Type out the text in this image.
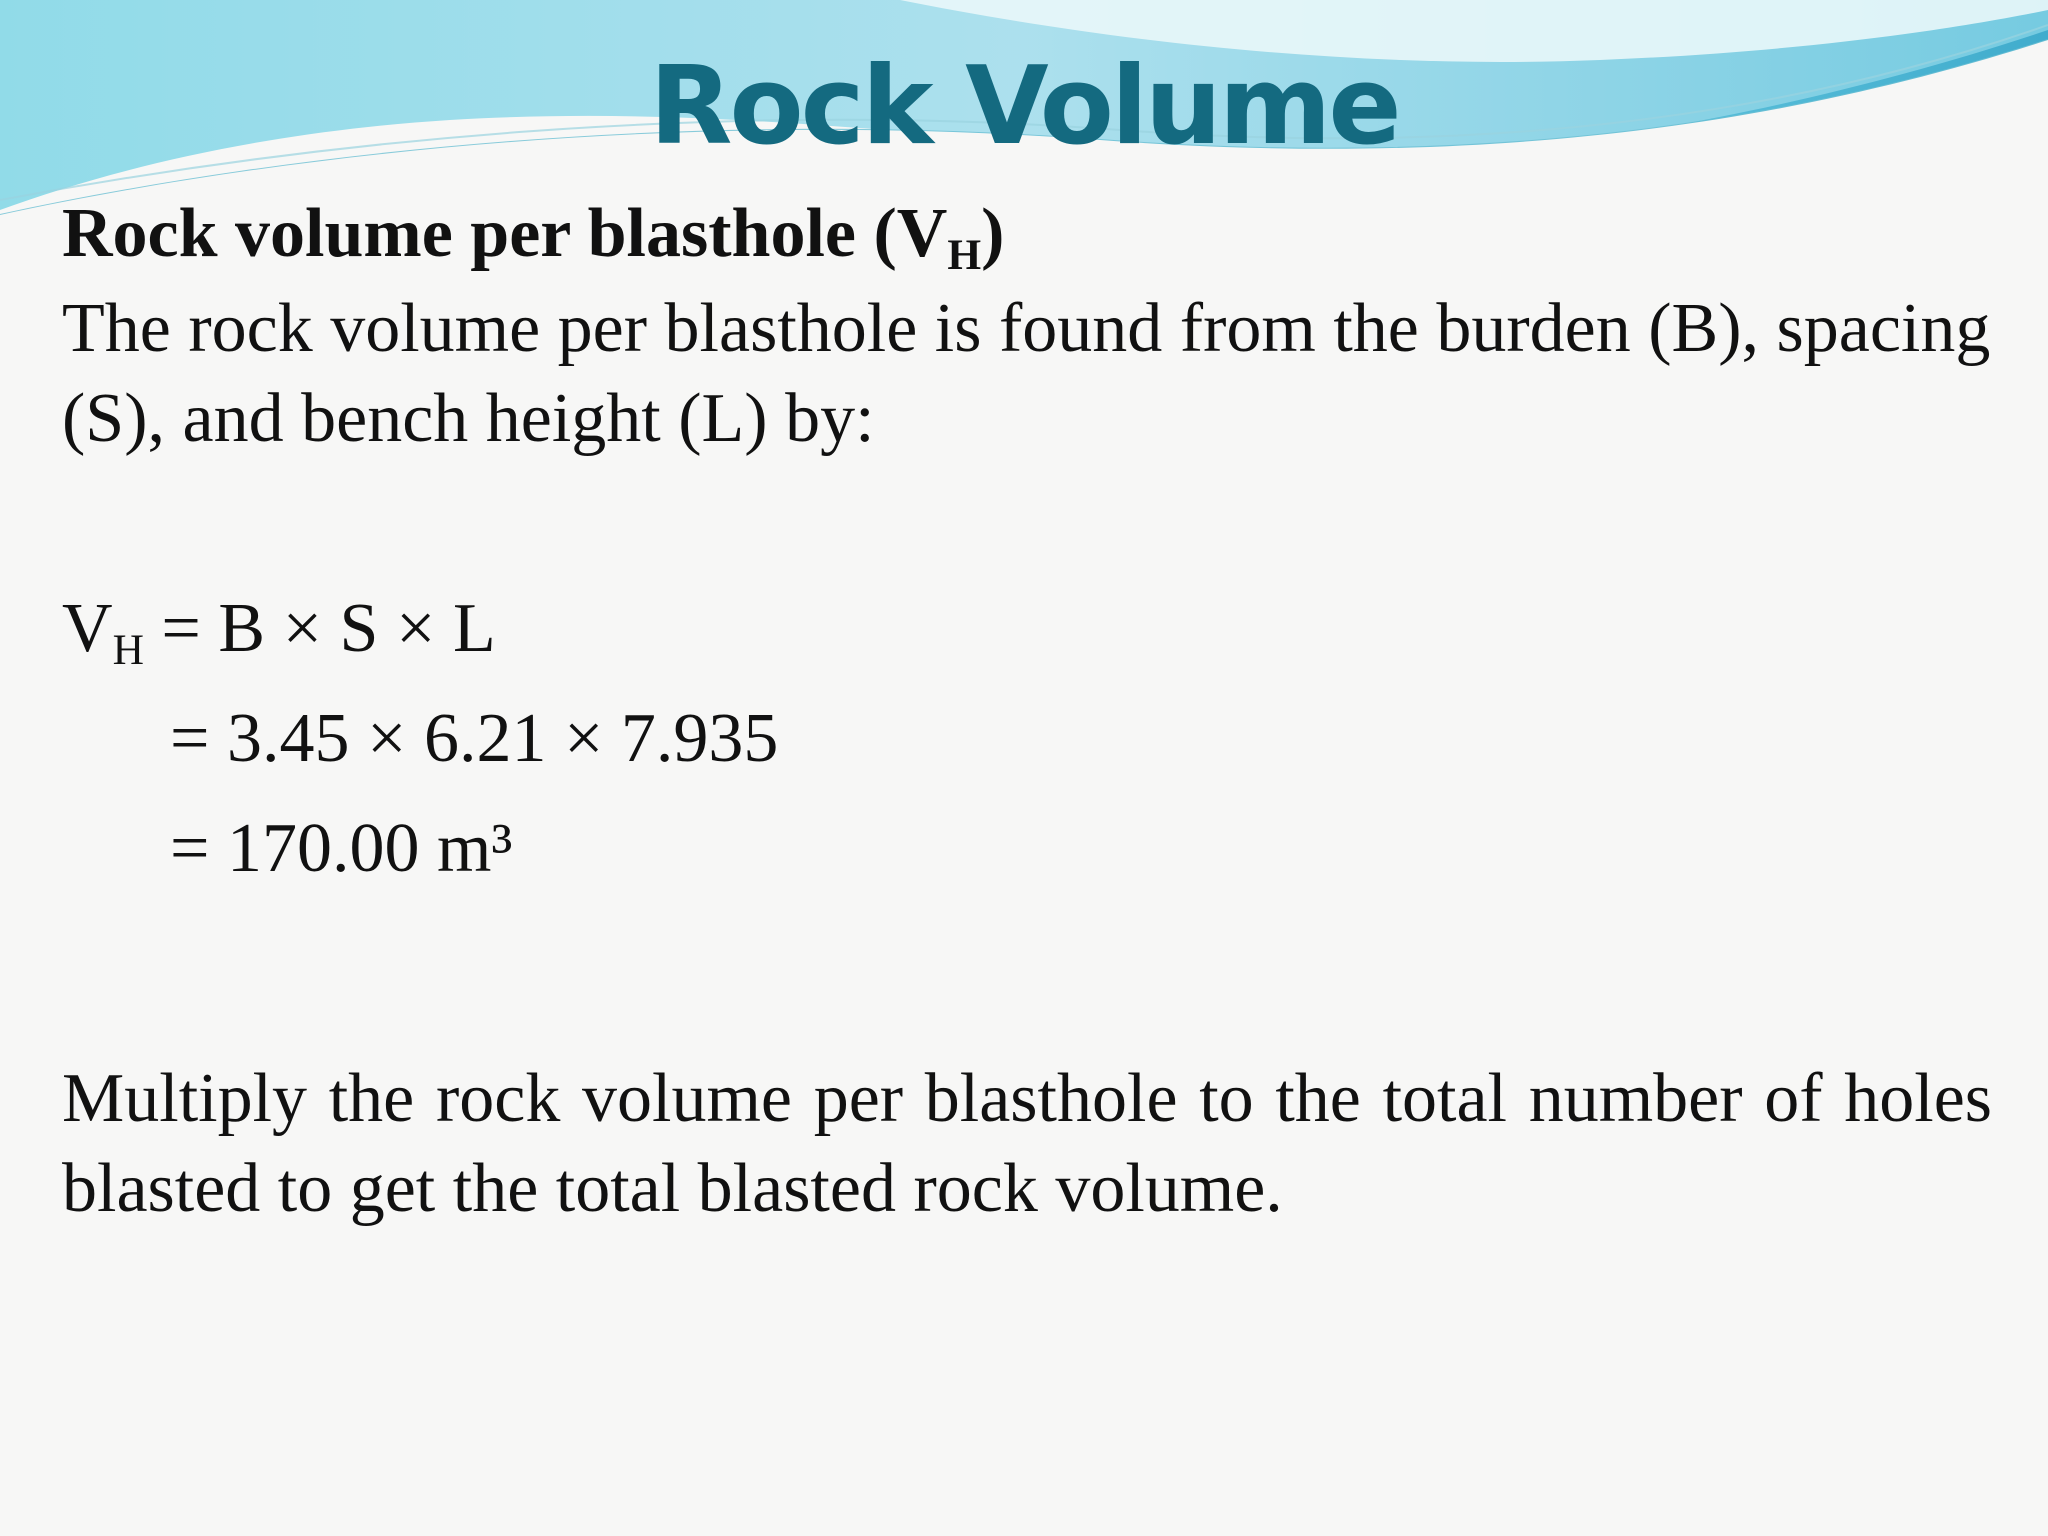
Rock Volume

Rock volume per blasthole $(V_H)$

The rock volume per blasthole is found from the burden (B), spacing (S), and bench height (L) by:

$V_H = B \times S \times L$
= 3.45 × 6.21 × 7.935
= 170.00 m³

Multiply the rock volume per blasthole to the total number of holes blasted to get the total blasted rock volume.
